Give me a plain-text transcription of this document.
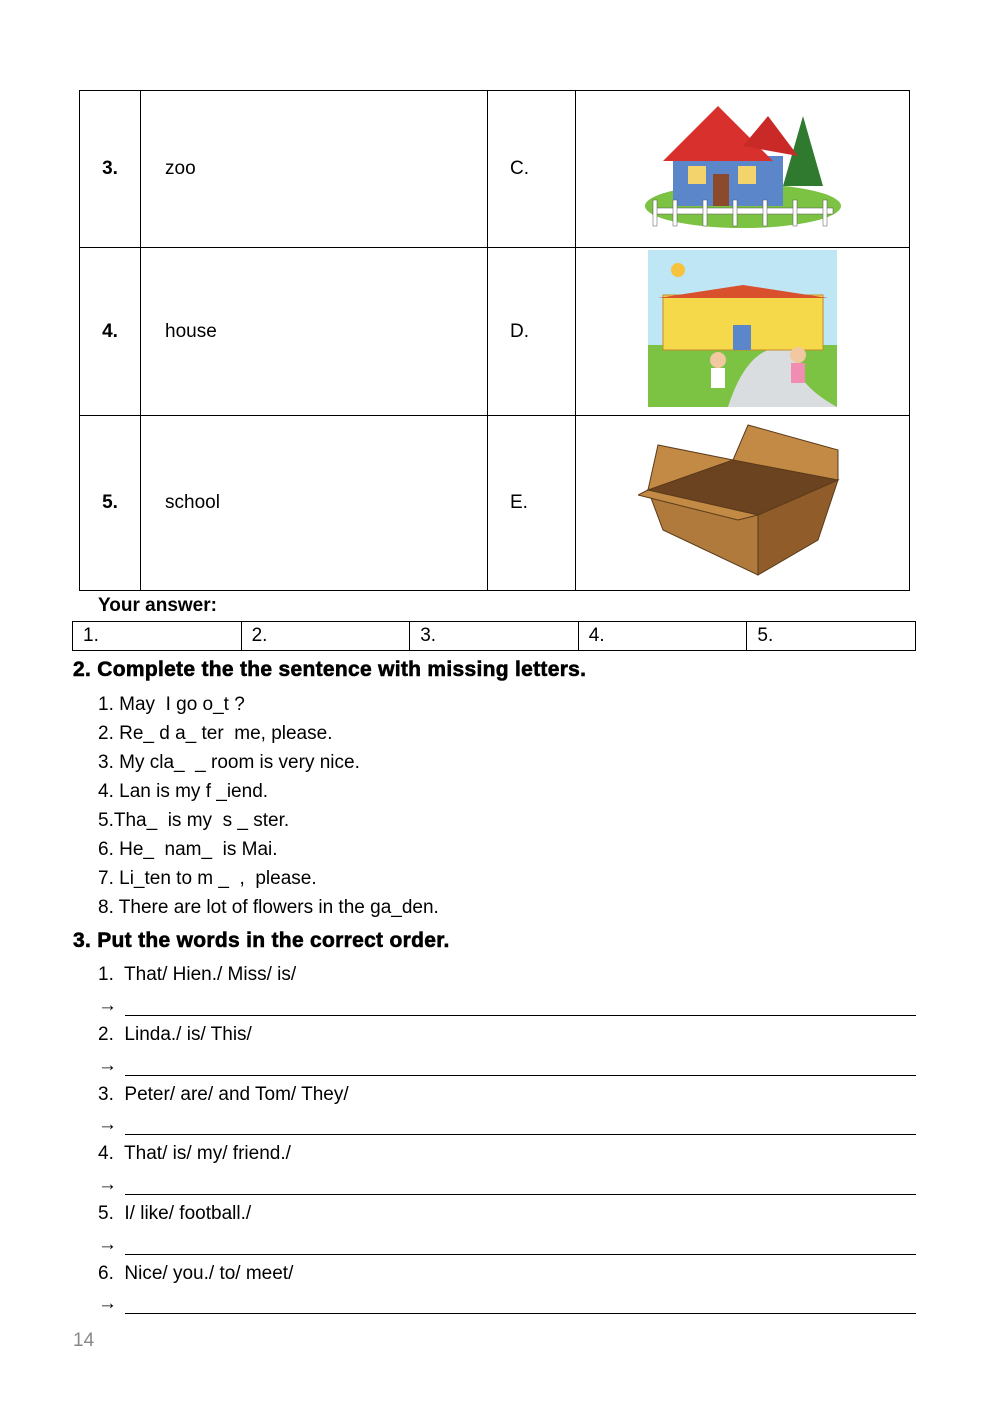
3.	zoo	C.	
4.	house	D.	
5.	school	E.	
Your answer:
1.	2.	3.	4.	5.
2. Complete the the sentence with missing letters.
1. May  I go o_t ?
2. Re_ d a_ ter  me, please.
3. My cla_  _ room is very nice.
4. Lan is my f _iend.
5.Tha_  is my  s _ ster.
6. He_  nam_  is Mai.
7. Li_ten to m _  ,  please.
8. There are lot of flowers in the ga_den.
3. Put the words in the correct order.
1.  That/ Hien./ Miss/ is/
→
2.  Linda./ is/ This/
→
3.  Peter/ are/ and Tom/ They/
→
4.  That/ is/ my/ friend./
→
5.  I/ like/ football./
→
6.  Nice/ you./ to/ meet/
→
14
